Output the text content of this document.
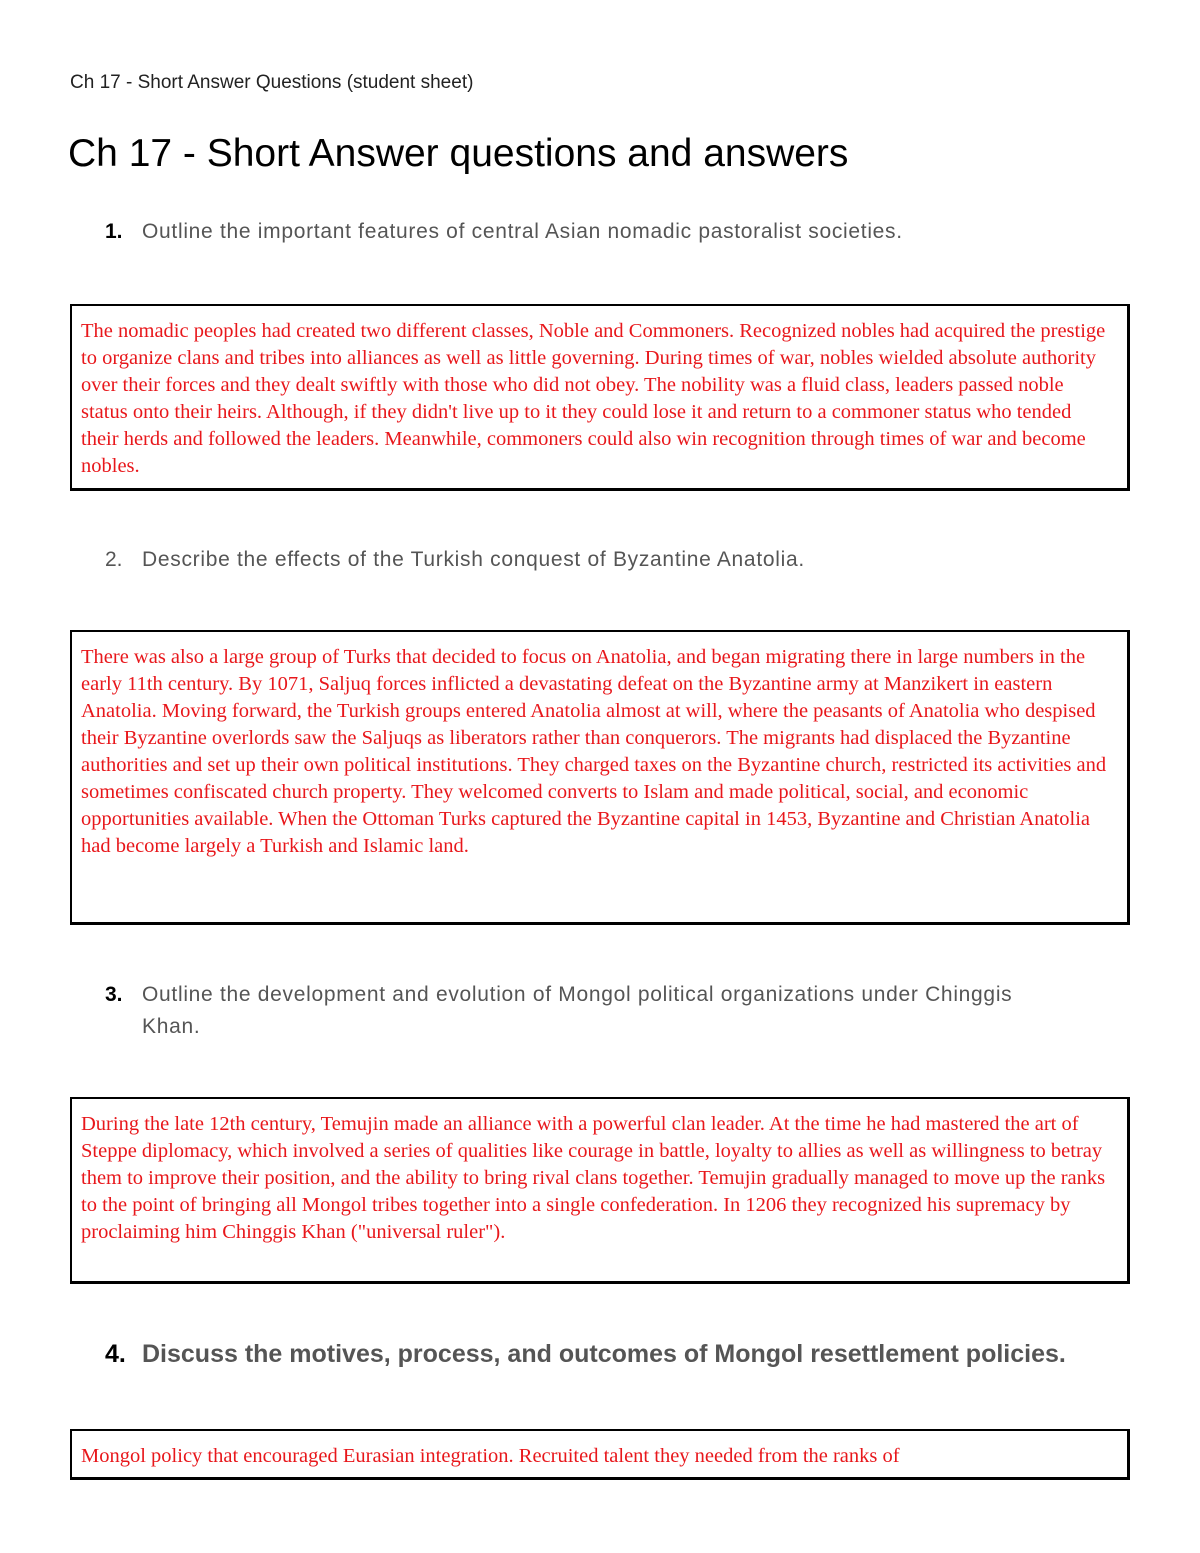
Ch 17 - Short Answer Questions (student sheet)
Ch 17 - Short Answer questions and answers
1. Outline the important features of central Asian nomadic pastoralist societies.
The nomadic peoples had created two different classes, Noble and Commoners. Recognized nobles had acquired the prestige to organize clans and tribes into alliances as well as little governing. During times of war, nobles wielded absolute authority over their forces and they dealt swiftly with those who did not obey. The nobility was a fluid class, leaders passed noble status onto their heirs. Although, if they didn't live up to it they could lose it and return to a commoner status who tended their herds and followed the leaders. Meanwhile, commoners could also win recognition through times of war and become nobles.
2. Describe the effects of the Turkish conquest of Byzantine Anatolia.
There was also a large group of Turks that decided to focus on Anatolia, and began migrating there in large numbers in the early 11th century. By 1071, Saljuq forces inflicted a devastating defeat on the Byzantine army at Manzikert in eastern Anatolia. Moving forward, the Turkish groups entered Anatolia almost at will, where the peasants of Anatolia who despised their Byzantine overlords saw the Saljuqs as liberators rather than conquerors. The migrants had displaced the Byzantine authorities and set up their own political institutions. They charged taxes on the Byzantine church, restricted its activities and sometimes confiscated church property. They welcomed converts to Islam and made political, social, and economic opportunities available. When the Ottoman Turks captured the Byzantine capital in 1453, Byzantine and Christian Anatolia had become largely a Turkish and Islamic land.
3. Outline the development and evolution of Mongol political organizations under Chinggis Khan.
During the late 12th century, Temujin made an alliance with a powerful clan leader. At the time he had mastered the art of Steppe diplomacy, which involved a series of qualities like courage in battle, loyalty to allies as well as willingness to betray them to improve their position, and the ability to bring rival clans together. Temujin gradually managed to move up the ranks to the point of bringing all Mongol tribes together into a single confederation. In 1206 they recognized his supremacy by proclaiming him Chinggis Khan ("universal ruler").
4. Discuss the motives, process, and outcomes of Mongol resettlement policies.
Mongol policy that encouraged Eurasian integration. Recruited talent they needed from the ranks of
